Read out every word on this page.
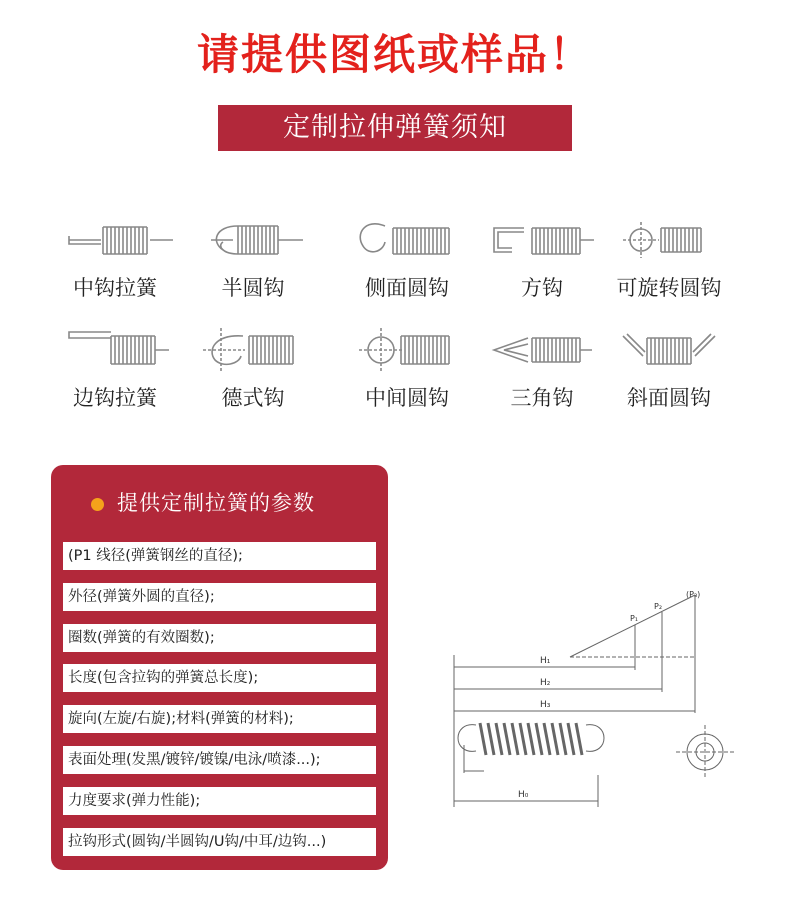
请提供图纸或样品！
定制拉伸弹簧须知
中钩拉簧	半圆钩	侧面圆钩	方钩	可旋转圆钩
边钩拉簧	德式钩	中间圆钩	三角钩	斜面圆钩
提供定制拉簧的参数
(P1 线径(弹簧钢丝的直径);
外径(弹簧外圆的直径);
圈数(弹簧的有效圈数);
长度(包含拉钩的弹簧总长度);
旋向(左旋/右旋);材料(弹簧的材料);
表面处理(发黑/镀锌/镀镍/电泳/喷漆...);
力度要求(弹力性能);
拉钩形式(圆钩/半圆钩/U钩/中耳/边钩...)
H₁
H₂
H₃
H₀
P₁
P₂
(P₃)
